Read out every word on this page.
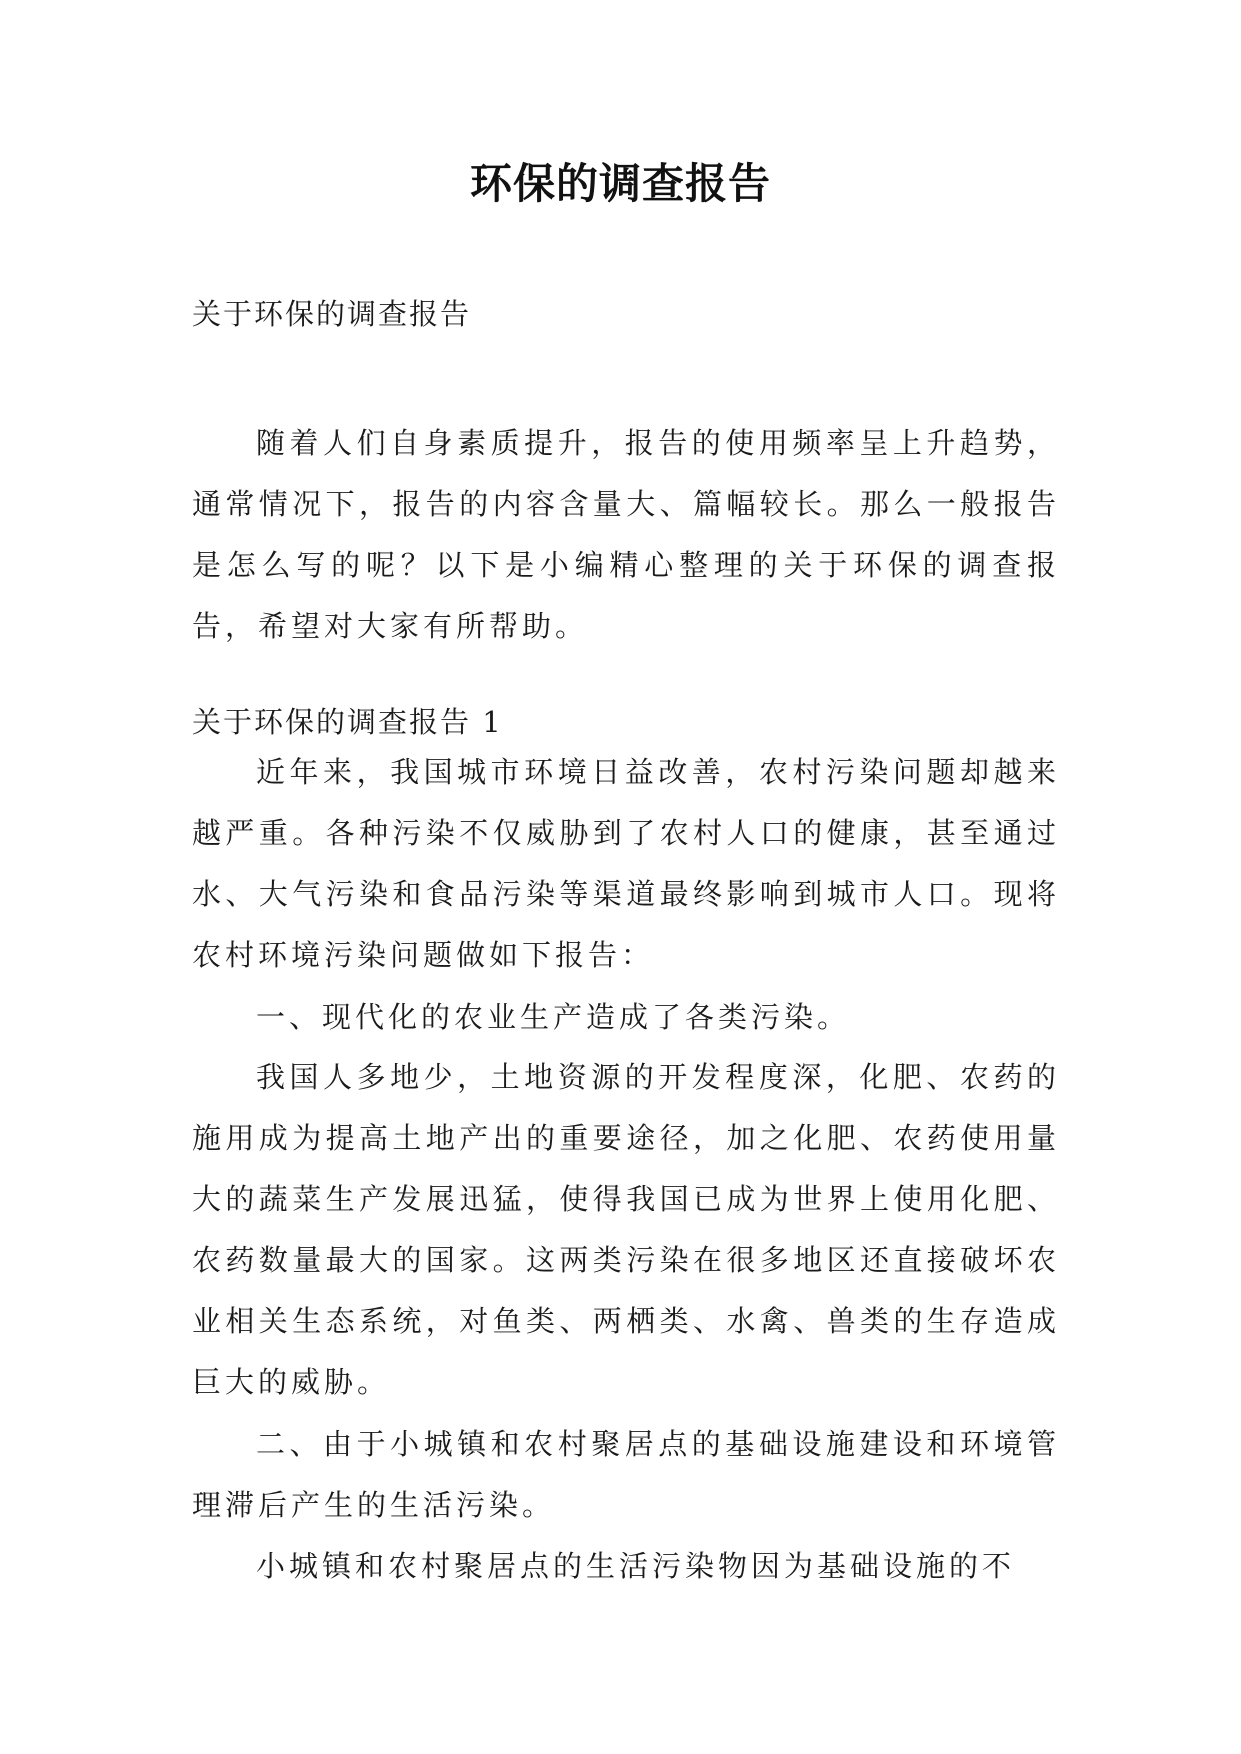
环保的调查报告

关于环保的调查报告

随着人们自身素质提升，报告的使用频率呈上升趋势，通常情况下，报告的内容含量大、篇幅较长。那么一般报告是怎么写的呢？以下是小编精心整理的关于环保的调查报告，希望对大家有所帮助。

关于环保的调查报告 1

近年来，我国城市环境日益改善，农村污染问题却越来越严重。各种污染不仅威胁到了农村人口的健康，甚至通过水、大气污染和食品污染等渠道最终影响到城市人口。现将农村环境污染问题做如下报告：

一、现代化的农业生产造成了各类污染。

我国人多地少，土地资源的开发程度深，化肥、农药的施用成为提高土地产出的重要途径，加之化肥、农药使用量大的蔬菜生产发展迅猛，使得我国已成为世界上使用化肥、农药数量最大的国家。这两类污染在很多地区还直接破坏农业相关生态系统，对鱼类、两栖类、水禽、兽类的生存造成巨大的威胁。

二、由于小城镇和农村聚居点的基础设施建设和环境管理滞后产生的生活污染。

小城镇和农村聚居点的生活污染物因为基础设施的不
